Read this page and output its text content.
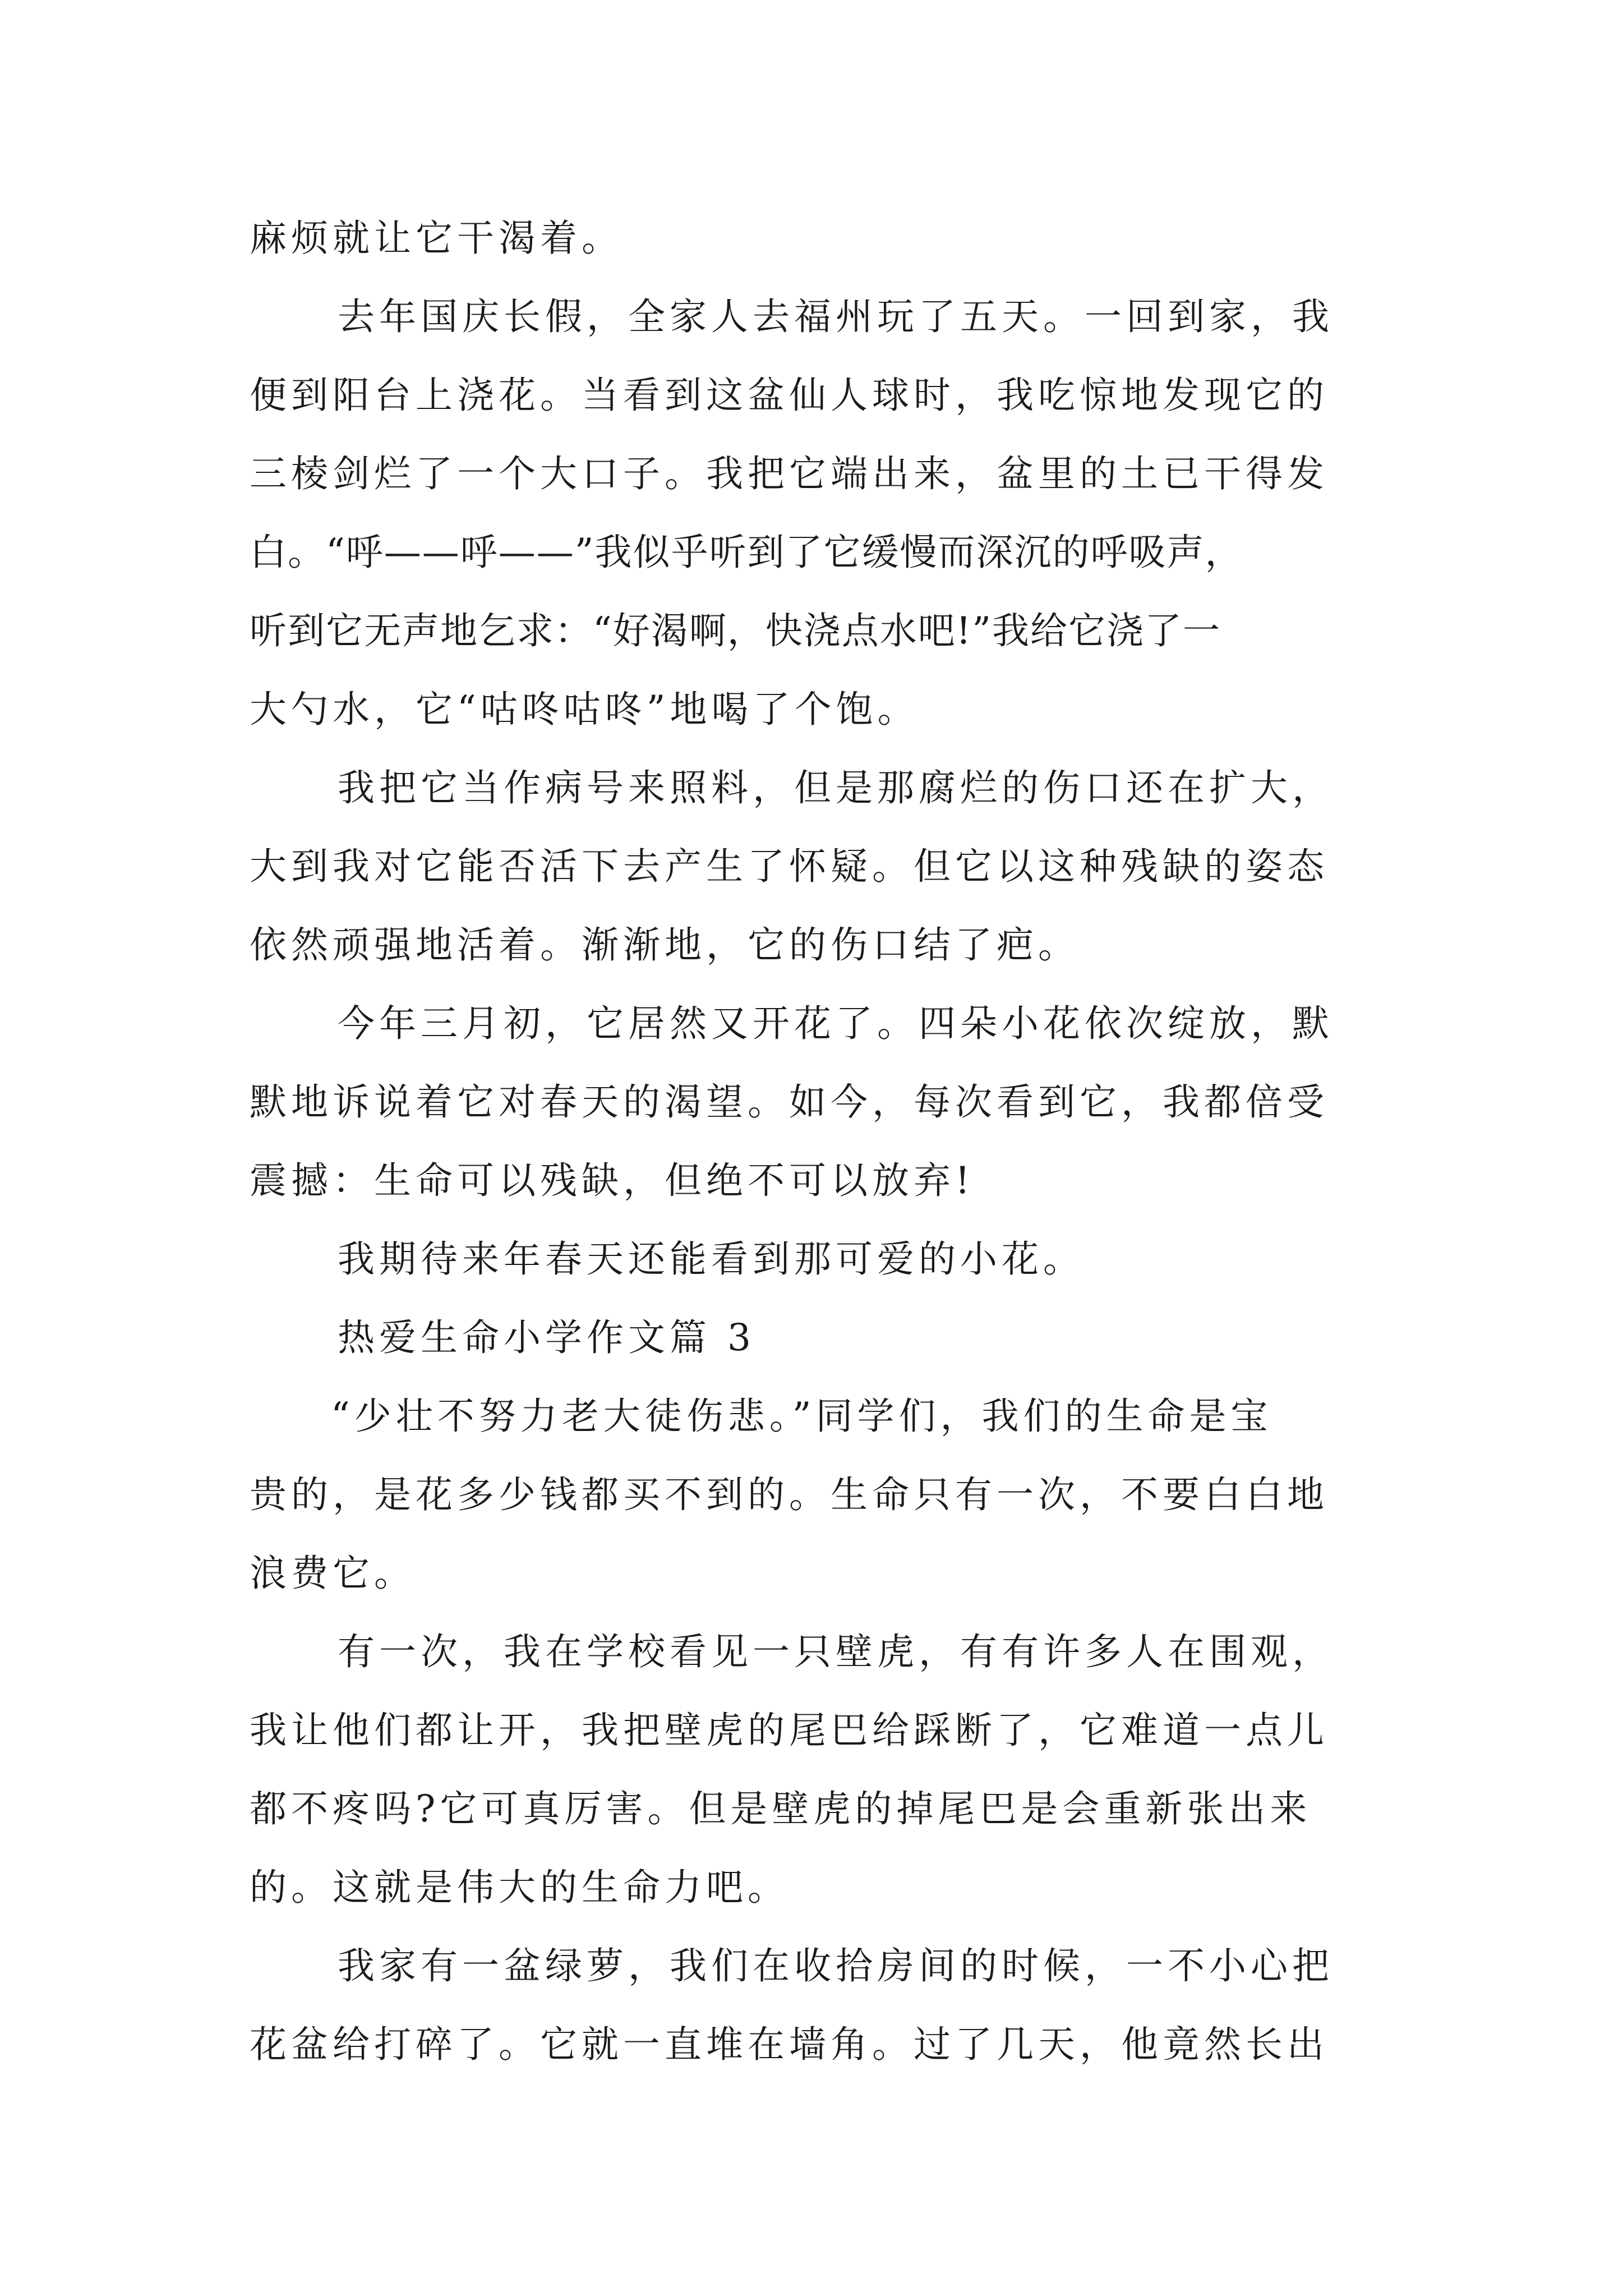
麻烦就让它干渴着。
去年国庆长假，全家人去福州玩了五天。一回到家，我
便到阳台上浇花。当看到这盆仙人球时，我吃惊地发现它的
三棱剑烂了一个大口子。我把它端出来，盆里的土已干得发
白。“呼——呼——”我似乎听到了它缓慢而深沉的呼吸声，
听到它无声地乞求：“好渴啊，快浇点水吧!”我给它浇了一
大勺水，它“咕咚咕咚”地喝了个饱。
我把它当作病号来照料，但是那腐烂的伤口还在扩大，
大到我对它能否活下去产生了怀疑。但它以这种残缺的姿态
依然顽强地活着。渐渐地，它的伤口结了疤。
今年三月初，它居然又开花了。四朵小花依次绽放，默
默地诉说着它对春天的渴望。如今，每次看到它，我都倍受
震撼：生命可以残缺，但绝不可以放弃!
我期待来年春天还能看到那可爱的小花。
热爱生命小学作文篇 3
“少壮不努力老大徒伤悲。”同学们，我们的生命是宝
贵的，是花多少钱都买不到的。生命只有一次，不要白白地
浪费它。
有一次，我在学校看见一只壁虎，有有许多人在围观，
我让他们都让开，我把壁虎的尾巴给踩断了，它难道一点儿
都不疼吗?它可真厉害。但是壁虎的掉尾巴是会重新张出来
的。这就是伟大的生命力吧。
我家有一盆绿萝，我们在收拾房间的时候，一不小心把
花盆给打碎了。它就一直堆在墙角。过了几天，他竟然长出
